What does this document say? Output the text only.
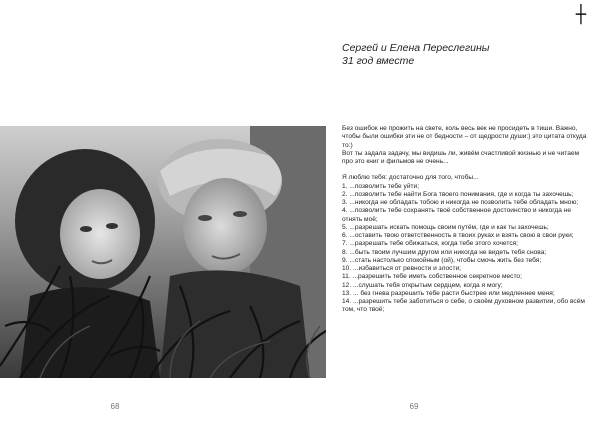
68
┼
Сергей и Елена Переслегины
31 год вместе

Без ошибок не прожить на свете, коль весь век не просидеть в тиши. Важно, чтобы были ошибки эти не от бедности – от щедрости души:) это цитата откуда то:)

Вот ты задала задачу, мы видишь ли, живём счастливой жизнью и не читаем про это книг и фильмов не очень...

Я люблю тебя: достаточно для того, чтобы...

1. ...позволить тебе уйти;
2. ...позволить тебе найти Бога твоего понимания, где и когда ты захочешь;
3. ...никогда не обладать тобою и никогда не позволить тебе обладать мною;
4. ...позволить тебе сохранять твоё собственное достоинство и никогда не отнять моё;
5. ...разрешать искать помощь своим путём, где и как ты захочешь;
6. ...оставить твою ответственность в твоих руках и взять свою в свои руки;
7. ...разрешать тебе обижаться, когда тебе этого хочется;
8. ...быть твоим лучшим другом или никогда не видеть тебя снова;
9. ...стать настолько спокойным (ой), чтобы смочь жить без тебя;
10. ...избавиться от ревности и злости;
11. ...разрешить тебе иметь собственное секретное место;
12. ...слушать тебя открытым сердцем, когда я могу;
13. ... без гнева разрешить тебе расти быстрее или медленнее меня;
14. ...разрешить тебе заботиться о себе, о своём духовном развитии, обо всём том, что твоё;
69
